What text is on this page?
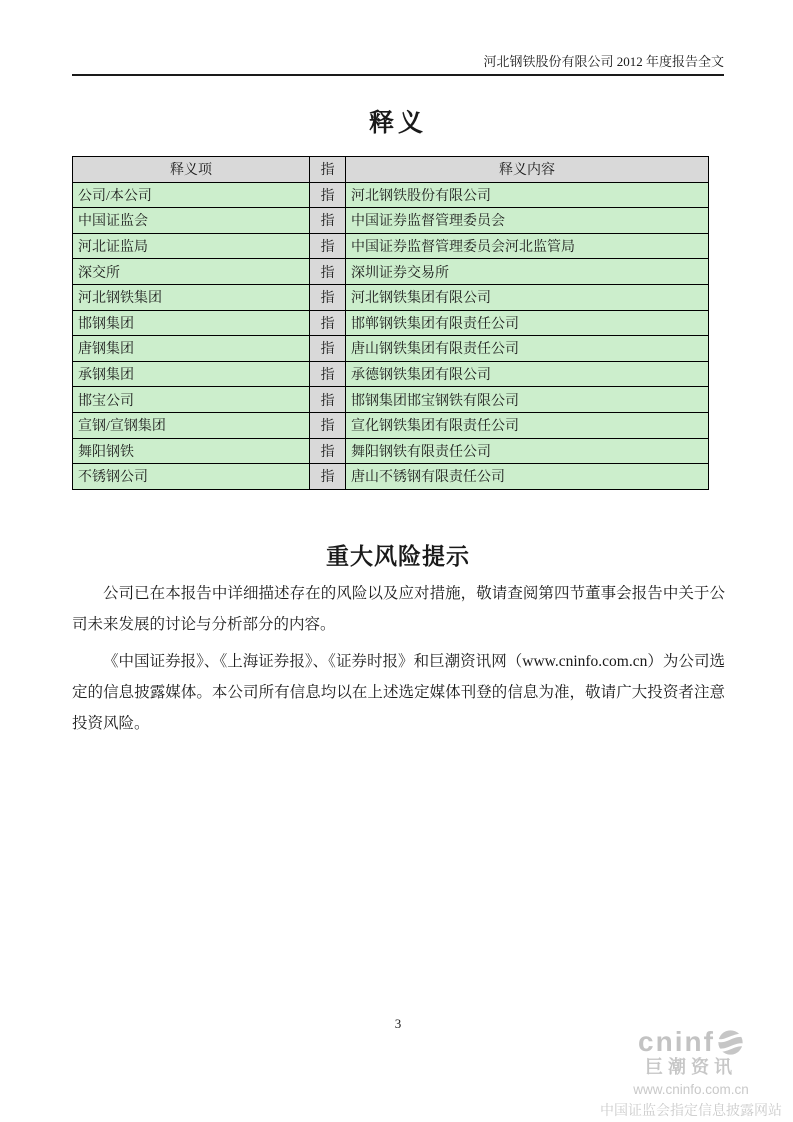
河北钢铁股份有限公司 2012 年度报告全文
释义
释义项	指	释义内容
公司/本公司	指	河北钢铁股份有限公司
中国证监会	指	中国证券监督管理委员会
河北证监局	指	中国证券监督管理委员会河北监管局
深交所	指	深圳证券交易所
河北钢铁集团	指	河北钢铁集团有限公司
邯钢集团	指	邯郸钢铁集团有限责任公司
唐钢集团	指	唐山钢铁集团有限责任公司
承钢集团	指	承德钢铁集团有限公司
邯宝公司	指	邯钢集团邯宝钢铁有限公司
宣钢/宣钢集团	指	宣化钢铁集团有限责任公司
舞阳钢铁	指	舞阳钢铁有限责任公司
不锈钢公司	指	唐山不锈钢有限责任公司
重大风险提示

公司已在本报告中详细描述存在的风险以及应对措施，敬请查阅第四节董事会报告中关于公司未来发展的讨论与分析部分的内容。

《中国证券报》、《上海证券报》、《证券时报》和巨潮资讯网（www.cninfo.com.cn）为公司选定的信息披露媒体。本公司所有信息均以在上述选定媒体刊登的信息为准，敬请广大投资者注意投资风险。

3
cninf
巨潮资讯
www.cninfo.com.cn
中国证监会指定信息披露网站
